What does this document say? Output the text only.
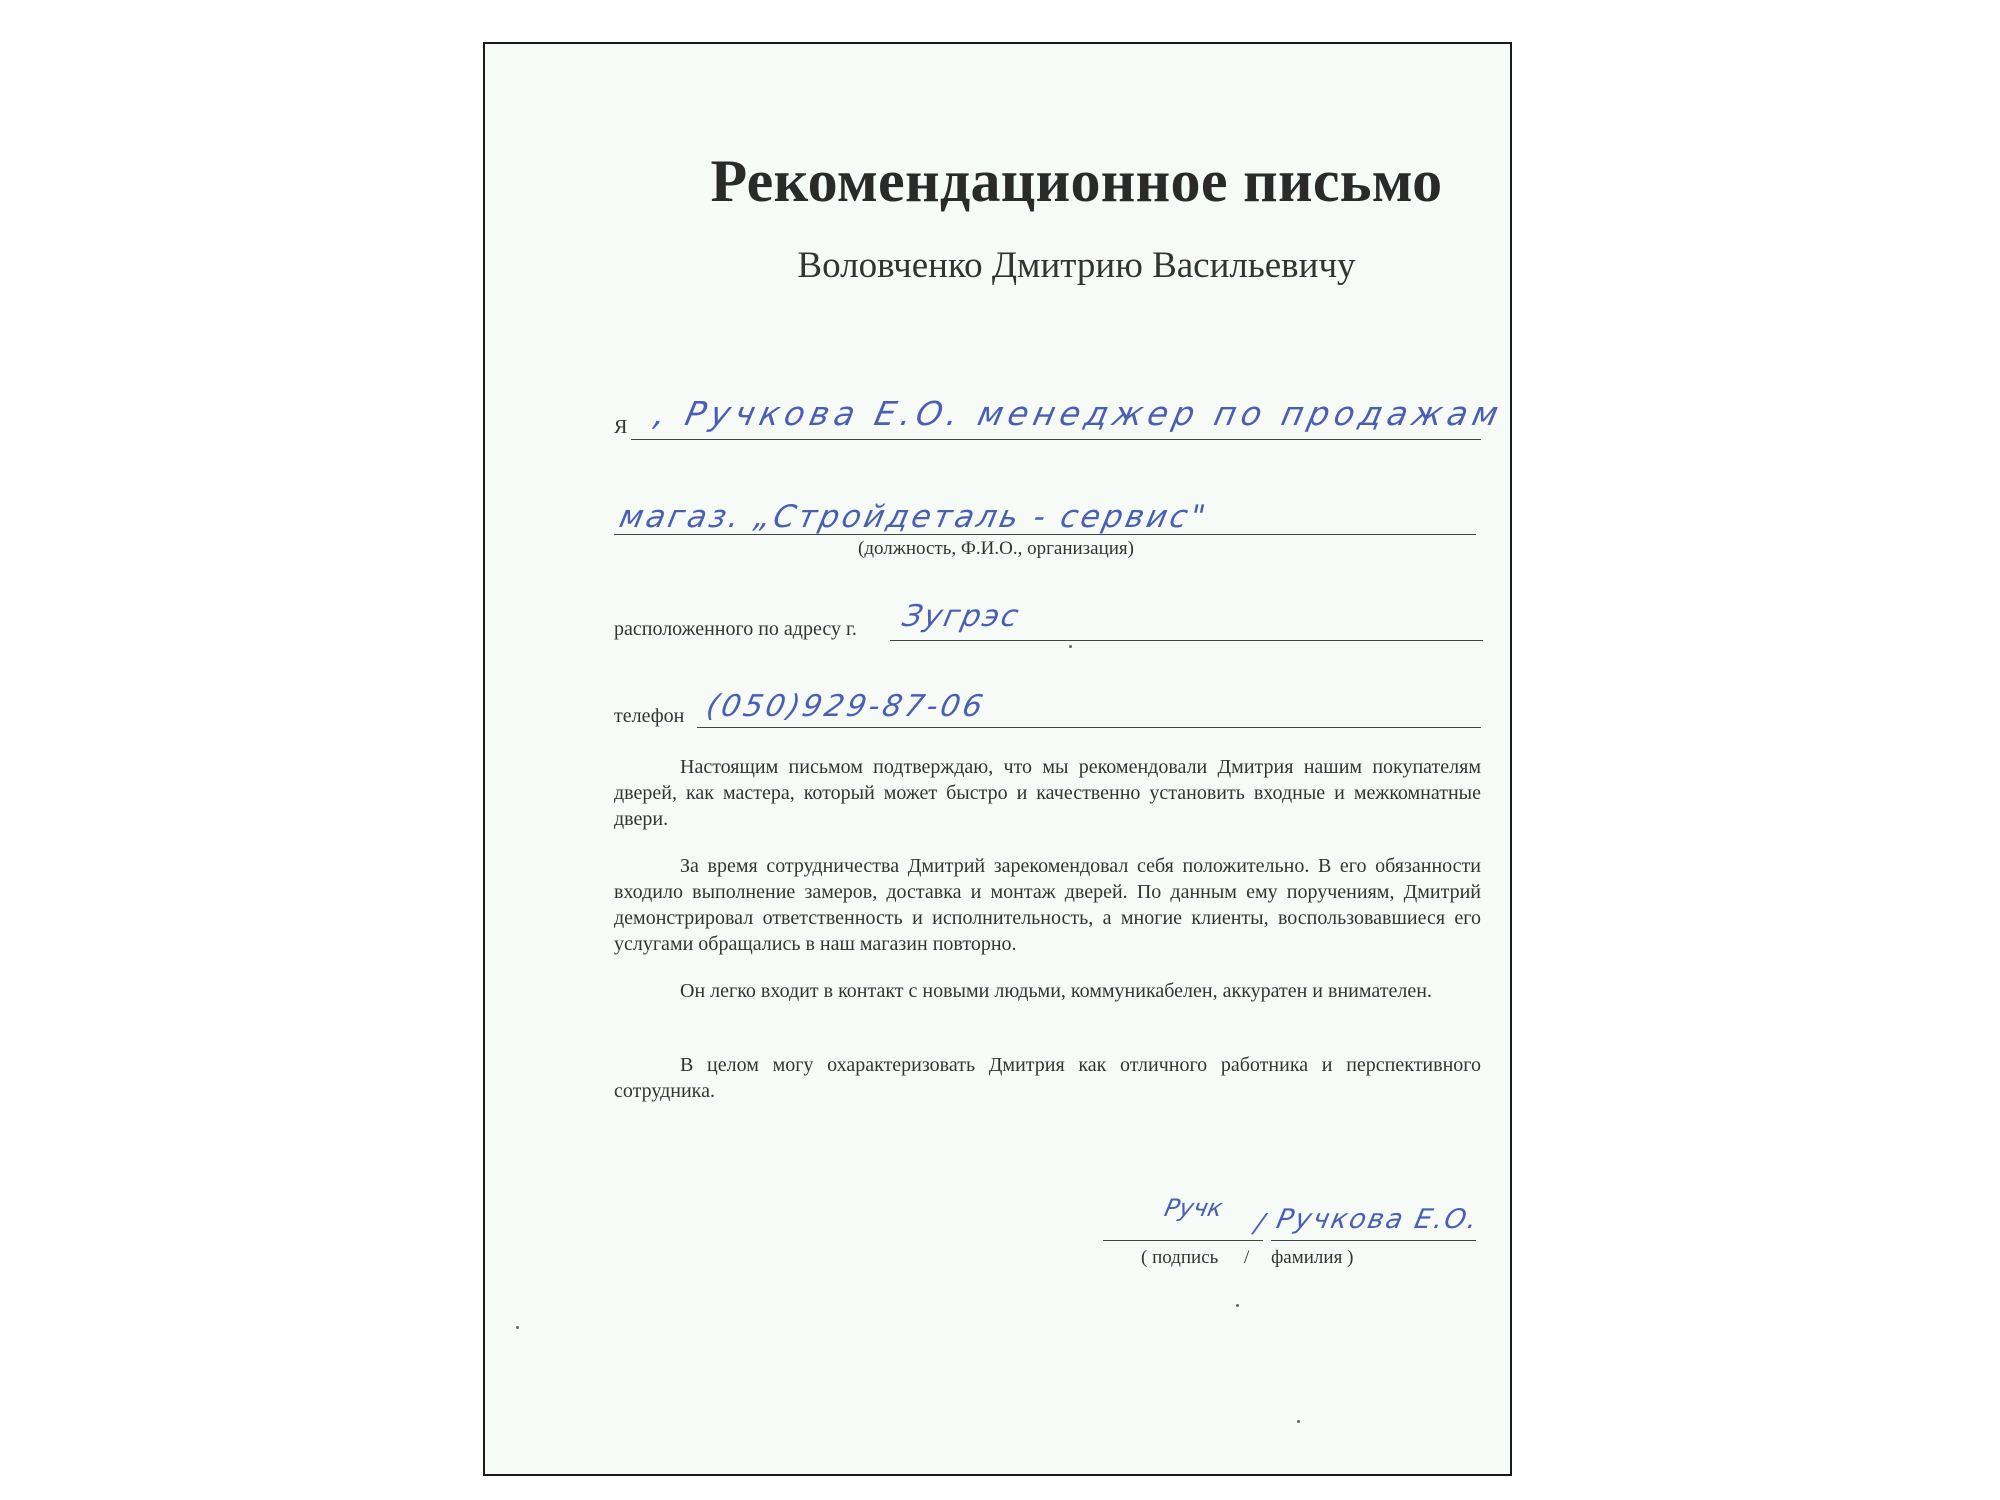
Рекомендационное письмо
Воловченко Дмитрию Васильевичу
Я , Ручкова Е.О. менеджер по продажам
магаз. „Стройдеталь - сервис"
(должность, Ф.И.О., организация)
расположенного по адресу г. Зугрэс
телефон (050)929-87-06

Настоящим письмом подтверждаю, что мы рекомендовали Дмитрия нашим покупателям дверей, как мастера, который может быстро и качественно установить входные и межкомнатные двери.

За время сотрудничества Дмитрий зарекомендовал себя положительно. В его обязанности входило выполнение замеров, доставка и монтаж дверей. По данным ему поручениям, Дмитрий демонстрировал ответственность и исполнительность, а многие клиенты, воспользовавшиеся его услугами обращались в наш магазин повторно.

Он легко входит в контакт с новыми людьми, коммуникабелен, аккуратен и внимателен.

В целом могу охарактеризовать Дмитрия как отличного работника и перспективного сотрудника.

Ручк
/ Ручкова Е.О.
( подпись / фамилия )
